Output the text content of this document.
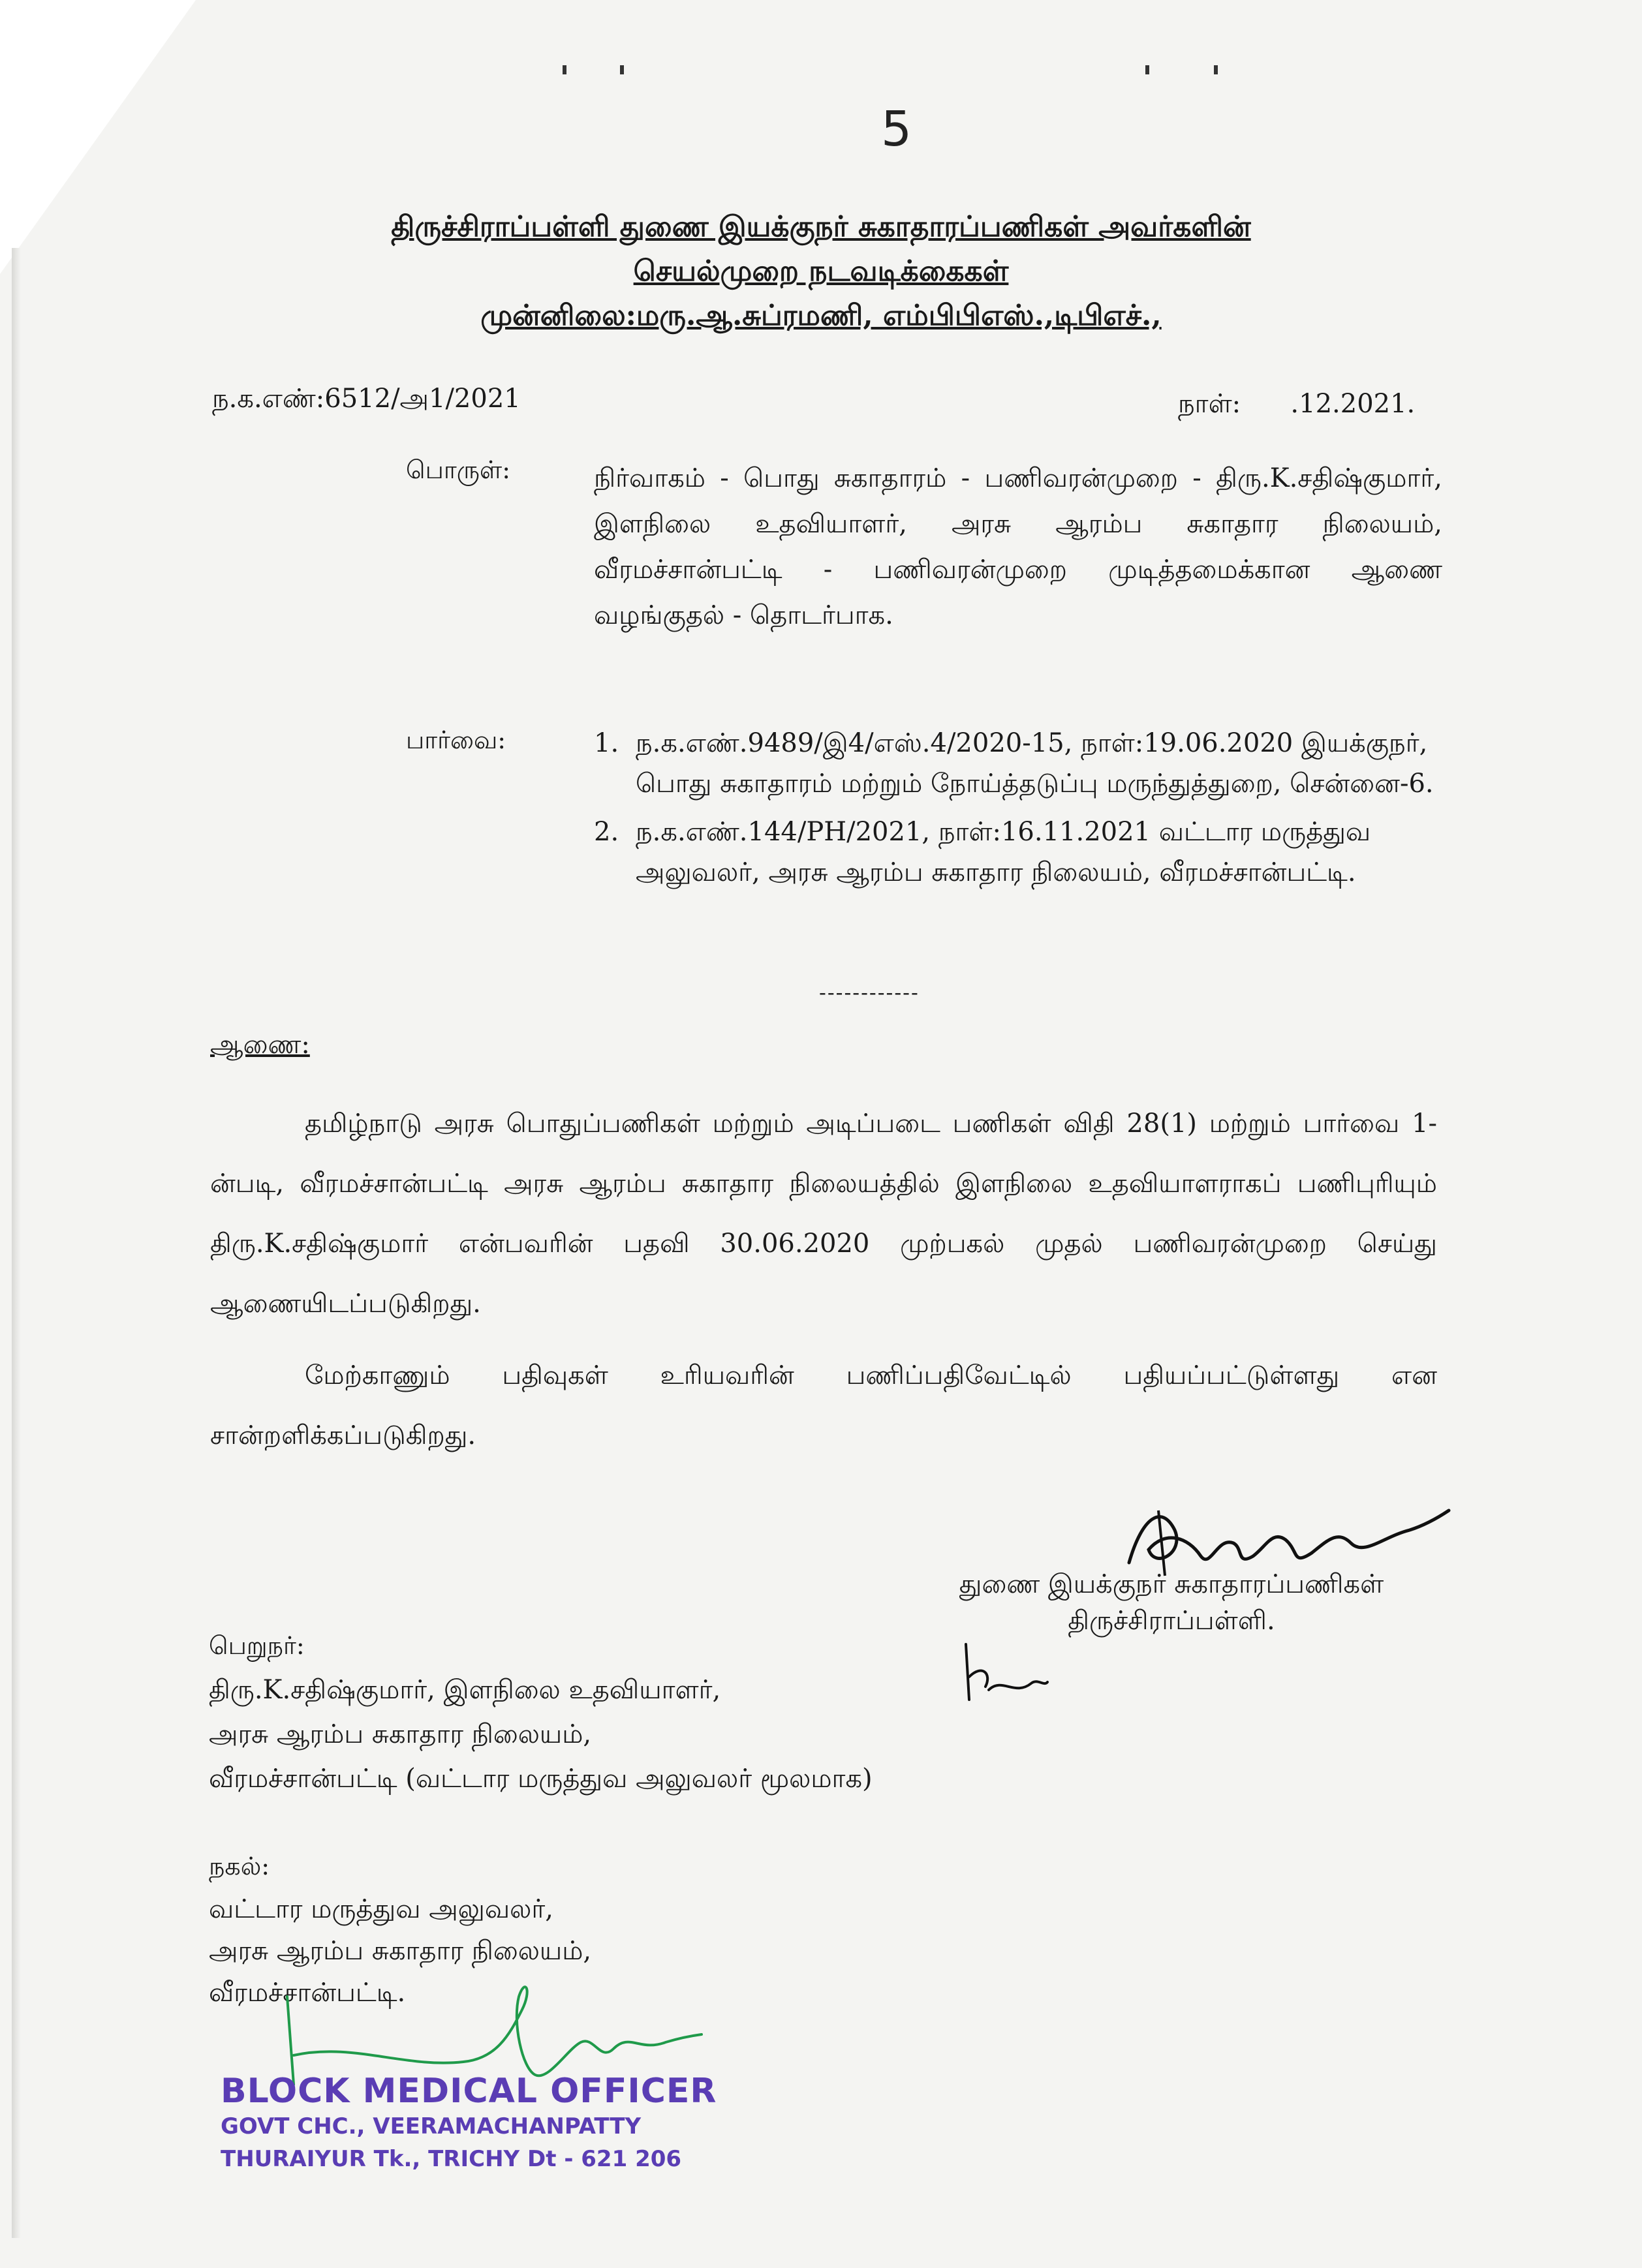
5
திருச்சிராப்பள்ளி துணை இயக்குநர் சுகாதாரப்பணிகள் அவர்களின்
செயல்முறை நடவடிக்கைகள்
முன்னிலை:மரு.ஆ.சுப்ரமணி, எம்பிபிஎஸ்.,டிபிஎச்.,
ந.க.எண்:6512/அ1/2021	நாள்:      .12.2021.
பொருள்:	நிர்வாகம் - பொது சுகாதாரம் - பணிவரன்முறை - திரு.K.சதிஷ்குமார், இளநிலை உதவியாளர், அரசு ஆரம்ப சுகாதார நிலையம், வீரமச்சான்பட்டி - பணிவரன்முறை முடித்தமைக்கான ஆணை வழங்குதல் - தொடர்பாக.
பார்வை:	1. ந.க.எண்.9489/இ4/எஸ்.4/2020-15, நாள்:19.06.2020 இயக்குநர், பொது சுகாதாரம் மற்றும் நோய்த்தடுப்பு மருந்துத்துறை, சென்னை-6.
2. ந.க.எண்.144/PH/2021, நாள்:16.11.2021 வட்டார மருத்துவ அலுவலர், அரசு ஆரம்ப சுகாதார நிலையம், வீரமச்சான்பட்டி.
------------
ஆணை:
தமிழ்நாடு அரசு பொதுப்பணிகள் மற்றும் அடிப்படை பணிகள் விதி 28(1) மற்றும் பார்வை 1-ன்படி, வீரமச்சான்பட்டி அரசு ஆரம்ப சுகாதார நிலையத்தில் இளநிலை உதவியாளராகப் பணிபுரியும் திரு.K.சதிஷ்குமார் என்பவரின் பதவி 30.06.2020 முற்பகல் முதல் பணிவரன்முறை செய்து ஆணையிடப்படுகிறது.
மேற்காணும் பதிவுகள் உரியவரின் பணிப்பதிவேட்டில் பதியப்பட்டுள்ளது என சான்றளிக்கப்படுகிறது.
துணை இயக்குநர் சுகாதாரப்பணிகள்
திருச்சிராப்பள்ளி.
பெறுநர்:
திரு.K.சதிஷ்குமார், இளநிலை உதவியாளர்,
அரசு ஆரம்ப சுகாதார நிலையம்,
வீரமச்சான்பட்டி (வட்டார மருத்துவ அலுவலர் மூலமாக)
நகல்:
வட்டார மருத்துவ அலுவலர்,
அரசு ஆரம்ப சுகாதார நிலையம்,
வீரமச்சான்பட்டி.
BLOCK MEDICAL OFFICER
GOVT CHC., VEERAMACHANPATTY
THURAIYUR Tk., TRICHY Dt - 621 206
